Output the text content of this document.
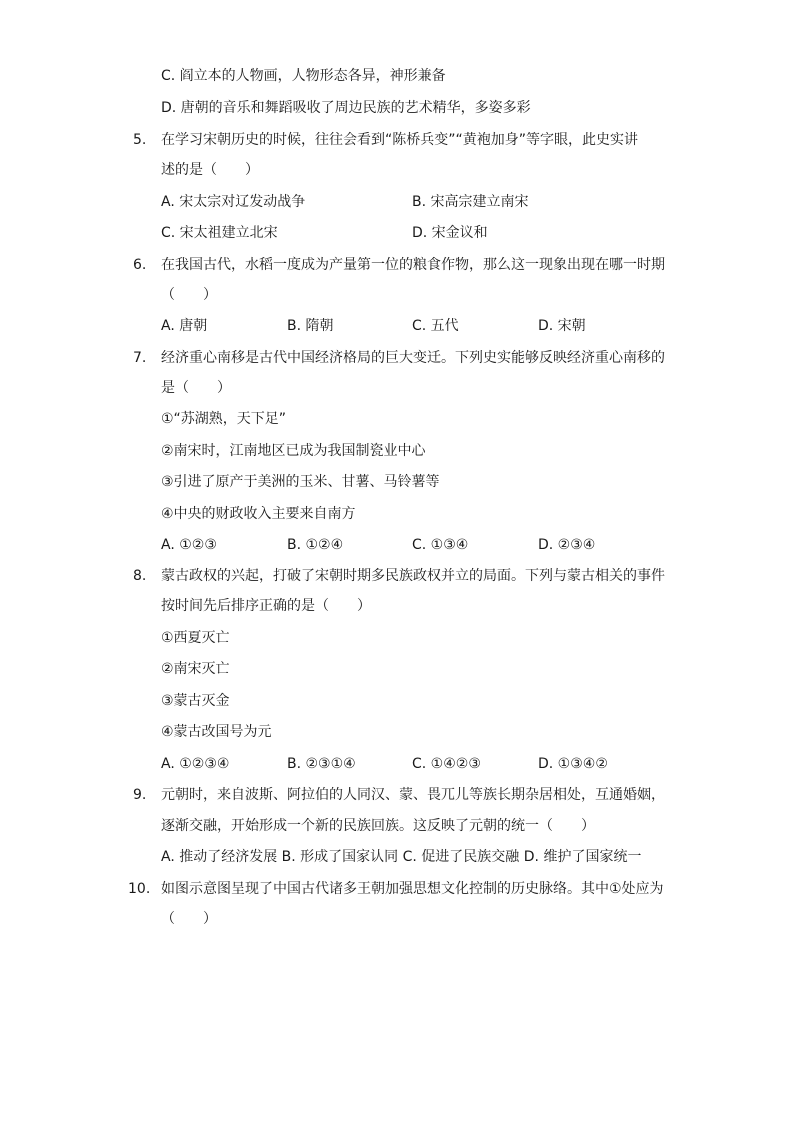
C. 阎立本的人物画，人物形态各异，神形兼备
D. 唐朝的音乐和舞蹈吸收了周边民族的艺术精华，多姿多彩
5. 在学习宋朝历史的时候，往往会看到“陈桥兵变”“黄袍加身”等字眼，此史实讲
述的是（　　）
A. 宋太宗对辽发动战争	B. 宋高宗建立南宋
C. 宋太祖建立北宋	D. 宋金议和
6. 在我国古代，水稻一度成为产量第一位的粮食作物，那么这一现象出现在哪一时期
（　　）
A. 唐朝	B. 隋朝	C. 五代	D. 宋朝
7. 经济重心南移是古代中国经济格局的巨大变迁。下列史实能够反映经济重心南移的
是（　　）
①“苏湖熟，天下足”
②南宋时，江南地区已成为我国制瓷业中心
③引进了原产于美洲的玉米、甘薯、马铃薯等
④中央的财政收入主要来自南方
A. ①②③	B. ①②④	C. ①③④	D. ②③④
8. 蒙古政权的兴起，打破了宋朝时期多民族政权并立的局面。下列与蒙古相关的事件
按时间先后排序正确的是（　　）
①西夏灭亡
②南宋灭亡
③蒙古灭金
④蒙古改国号为元
A. ①②③④	B. ②③①④	C. ①④②③	D. ①③④②
9. 元朝时，来自波斯、阿拉伯的人同汉、蒙、畏兀儿等族长期杂居相处，互通婚姻，
逐渐交融，开始形成一个新的民族回族。这反映了元朝的统一（　　）
A. 推动了经济发展 B. 形成了国家认同 C. 促进了民族交融 D. 维护了国家统一
10. 如图示意图呈现了中国古代诸多王朝加强思想文化控制的历史脉络。其中①处应为
（　　）
